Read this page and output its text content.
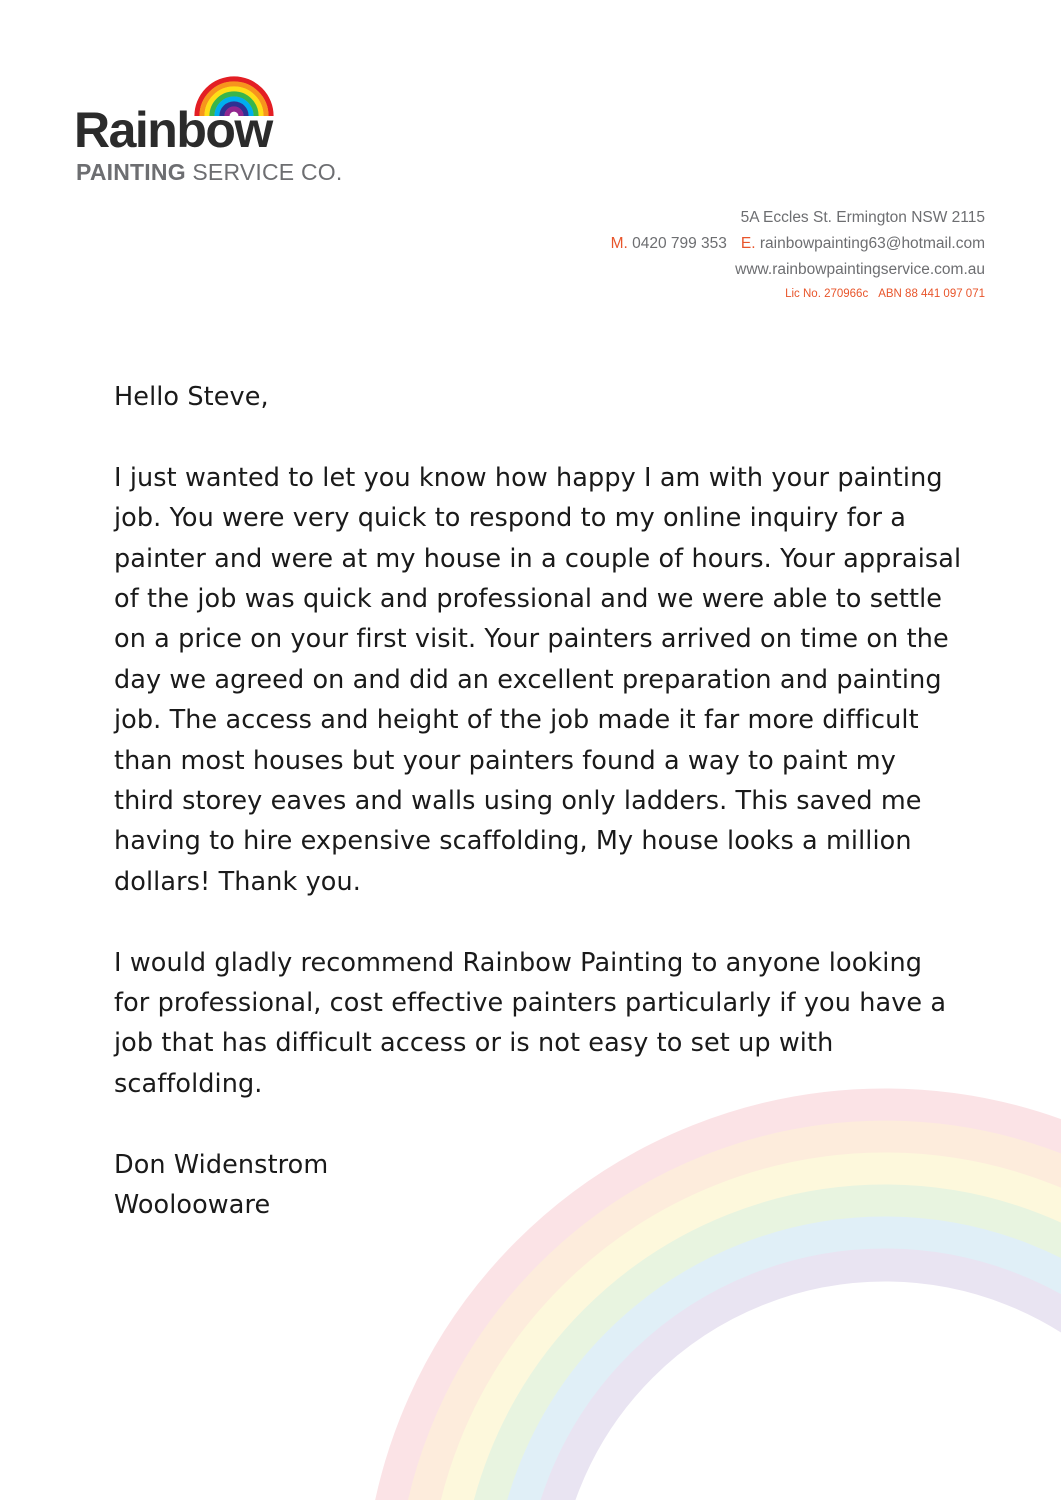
Rainbow
PAINTING SERVICE CO.
5A Eccles St. Ermington NSW 2115
M. 0420 799 353 E. rainbowpainting63@hotmail.com
www.rainbowpaintingservice.com.au
Lic No. 270966c ABN 88 441 097 071

Hello Steve,

I just wanted to let you know how happy I am with your painting job. You were very quick to respond to my online inquiry for a painter and were at my house in a couple of hours. Your appraisal of the job was quick and professional and we were able to settle on a price on your first visit. Your painters arrived on time on the day we agreed on and did an excellent preparation and painting job. The access and height of the job made it far more difficult than most houses but your painters found a way to paint my third storey eaves and walls using only ladders. This saved me having to hire expensive scaffolding, My house looks a million dollars! Thank you.

I would gladly recommend Rainbow Painting to anyone looking for professional, cost effective painters particularly if you have a job that has difficult access or is not easy to set up with scaffolding.

Don Widenstrom

Woolooware
